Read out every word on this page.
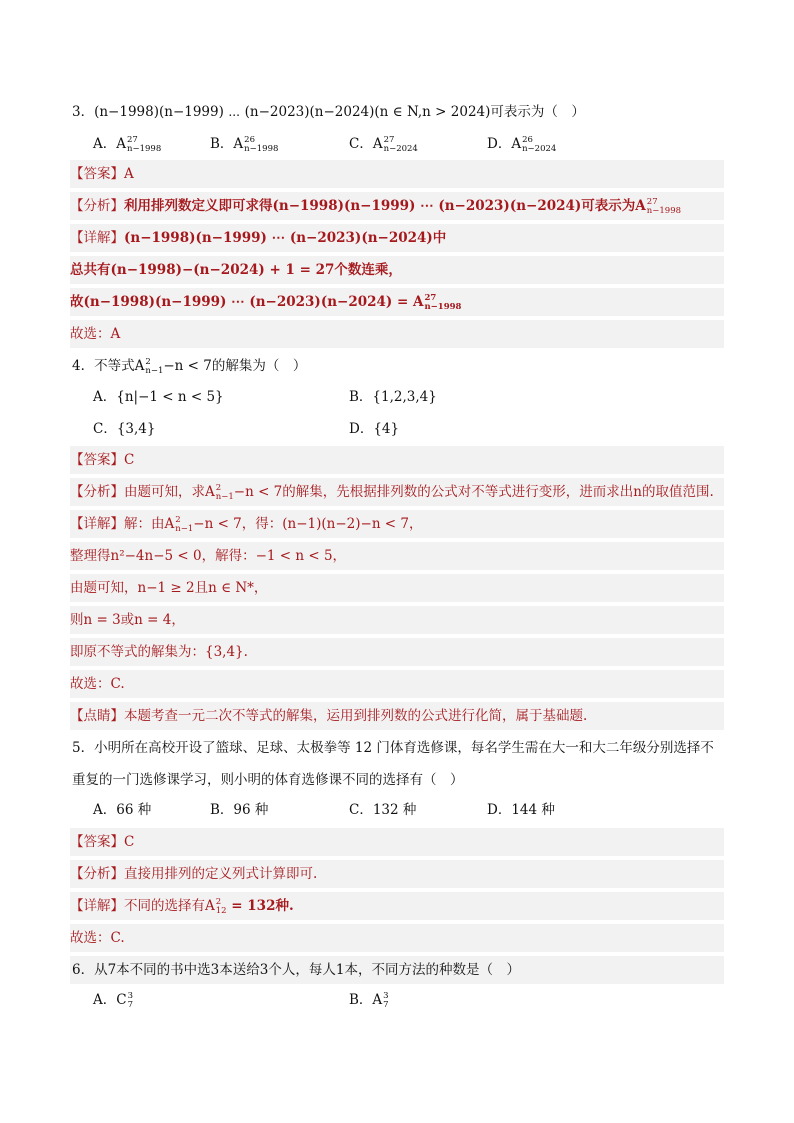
3．(n−1998)(n−1999) ⋯ (n−2023)(n−2024)(n ∈ N,n > 2024)可表示为（　）
A．A 27
n−1998	B．A 26
n−1998	C．A 27
n−2024	D．A 26
n−2024
【答案】A
【分析】利用排列数定义即可求得(n−1998)(n−1999) ⋯ (n−2023)(n−2024)可表示为A 27
n−1998
【详解】(n−1998)(n−1999) ⋯ (n−2023)(n−2024)中
总共有(n−1998)−(n−2024) + 1 = 27个数连乘，
故(n−1998)(n−1999) ⋯ (n−2023)(n−2024) = A 27
n−1998
故选：A
4．不等式A 2
n−1 −n < 7的解集为（　）
A．{n|−1 < n < 5}	B．{1,2,3,4}
C．{3,4}	D．{4}
【答案】C
【分析】由题可知，求A 2
n−1 −n < 7的解集，先根据排列数的公式对不等式进行变形，进而求出n的取值范围.
【详解】解：由A 2
n−1 −n < 7，得：(n−1)(n−2)−n < 7，
整理得n²−4n−5 < 0，解得：−1 < n < 5，
由题可知，n−1 ≥ 2且n ∈ N*，
则n = 3或n = 4，
即原不等式的解集为：{3,4}.
故选：C.
【点睛】本题考查一元二次不等式的解集，运用到排列数的公式进行化简，属于基础题.
5．小明所在高校开设了篮球、足球、太极拳等 12 门体育选修课，每名学生需在大一和大二年级分别选择不
重复的一门选修课学习，则小明的体育选修课不同的选择有（　）
A．66 种	B．96 种	C．132 种	D．144 种
【答案】C
【分析】直接用排列的定义列式计算即可.
【详解】不同的选择有A 2
12 = 132种.
故选：C.
6．从7本不同的书中选3本送给3个人，每人1本，不同方法的种数是（　）
A．C 3
7	B．A 3
7
